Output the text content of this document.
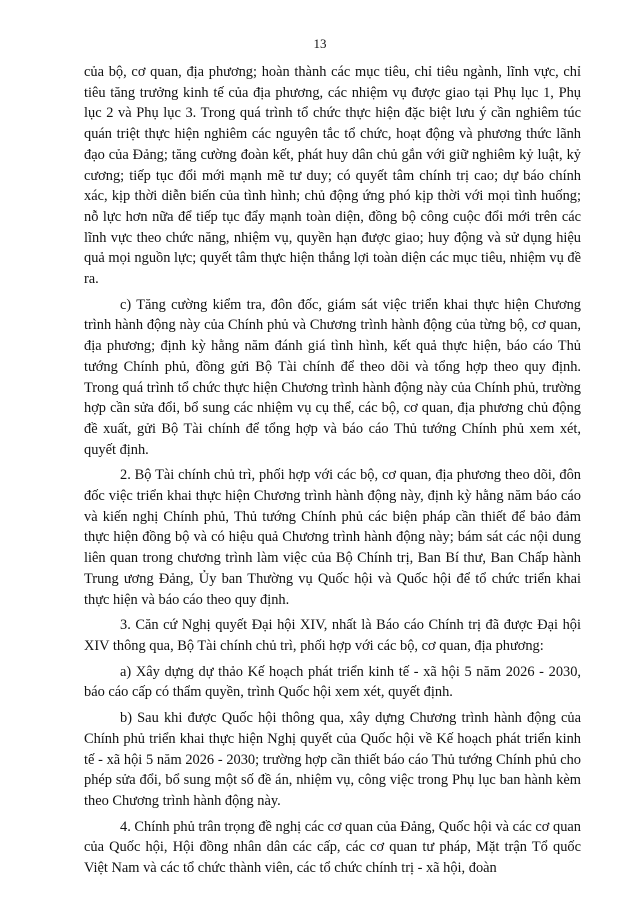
13

của bộ, cơ quan, địa phương; hoàn thành các mục tiêu, chỉ tiêu ngành, lĩnh vực, chỉ tiêu tăng trưởng kinh tế của địa phương, các nhiệm vụ được giao tại Phụ lục 1, Phụ lục 2 và Phụ lục 3. Trong quá trình tổ chức thực hiện đặc biệt lưu ý cần nghiêm túc quán triệt thực hiện nghiêm các nguyên tắc tổ chức, hoạt động và phương thức lãnh đạo của Đảng; tăng cường đoàn kết, phát huy dân chủ gắn với giữ nghiêm kỷ luật, kỷ cương; tiếp tục đổi mới mạnh mẽ tư duy; có quyết tâm chính trị cao; dự báo chính xác, kịp thời diễn biến của tình hình; chủ động ứng phó kịp thời với mọi tình huống; nỗ lực hơn nữa để tiếp tục đẩy mạnh toàn diện, đồng bộ công cuộc đổi mới trên các lĩnh vực theo chức năng, nhiệm vụ, quyền hạn được giao; huy động và sử dụng hiệu quả mọi nguồn lực; quyết tâm thực hiện thắng lợi toàn diện các mục tiêu, nhiệm vụ đề ra.

c) Tăng cường kiểm tra, đôn đốc, giám sát việc triển khai thực hiện Chương trình hành động này của Chính phủ và Chương trình hành động của từng bộ, cơ quan, địa phương; định kỳ hằng năm đánh giá tình hình, kết quả thực hiện, báo cáo Thủ tướng Chính phủ, đồng gửi Bộ Tài chính để theo dõi và tổng hợp theo quy định. Trong quá trình tổ chức thực hiện Chương trình hành động này của Chính phủ, trường hợp cần sửa đổi, bổ sung các nhiệm vụ cụ thể, các bộ, cơ quan, địa phương chủ động đề xuất, gửi Bộ Tài chính để tổng hợp và báo cáo Thủ tướng Chính phủ xem xét, quyết định.

2. Bộ Tài chính chủ trì, phối hợp với các bộ, cơ quan, địa phương theo dõi, đôn đốc việc triển khai thực hiện Chương trình hành động này, định kỳ hằng năm báo cáo và kiến nghị Chính phủ, Thủ tướng Chính phủ các biện pháp cần thiết để bảo đảm thực hiện đồng bộ và có hiệu quả Chương trình hành động này; bám sát các nội dung liên quan trong chương trình làm việc của Bộ Chính trị, Ban Bí thư, Ban Chấp hành Trung ương Đảng, Ủy ban Thường vụ Quốc hội và Quốc hội để tổ chức triển khai thực hiện và báo cáo theo quy định.

3. Căn cứ Nghị quyết Đại hội XIV, nhất là Báo cáo Chính trị đã được Đại hội XIV thông qua, Bộ Tài chính chủ trì, phối hợp với các bộ, cơ quan, địa phương:

a) Xây dựng dự thảo Kế hoạch phát triển kinh tế - xã hội 5 năm 2026 - 2030, báo cáo cấp có thẩm quyền, trình Quốc hội xem xét, quyết định.

b) Sau khi được Quốc hội thông qua, xây dựng Chương trình hành động của Chính phủ triển khai thực hiện Nghị quyết của Quốc hội về Kế hoạch phát triển kinh tế - xã hội 5 năm 2026 - 2030; trường hợp cần thiết báo cáo Thủ tướng Chính phủ cho phép sửa đổi, bổ sung một số đề án, nhiệm vụ, công việc trong Phụ lục ban hành kèm theo Chương trình hành động này.

4. Chính phủ trân trọng đề nghị các cơ quan của Đảng, Quốc hội và các cơ quan của Quốc hội, Hội đồng nhân dân các cấp, các cơ quan tư pháp, Mặt trận Tổ quốc Việt Nam và các tổ chức thành viên, các tổ chức chính trị - xã hội, đoàn
